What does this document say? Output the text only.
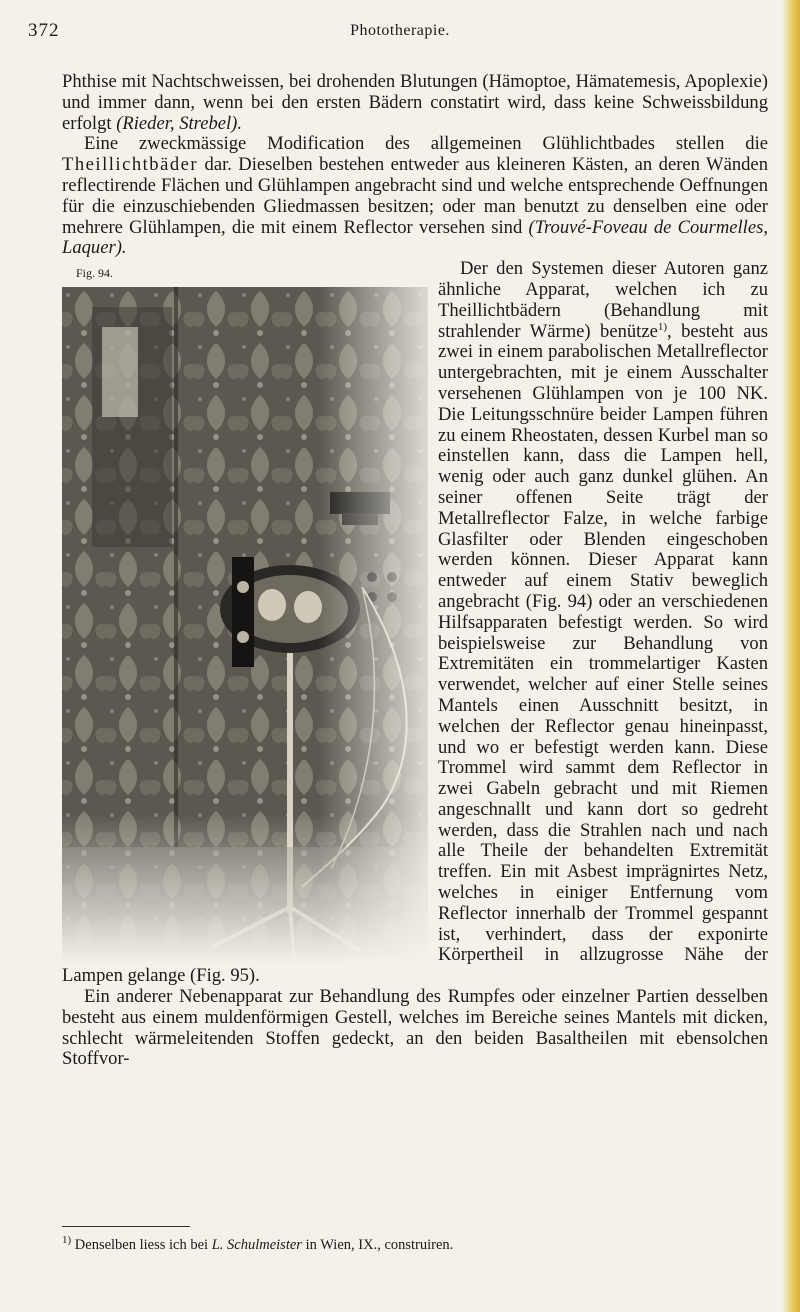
372	Phototherapie.

Phthise mit Nachtschweissen, bei drohenden Blutungen (Hämoptoe, Hämatemesis, Apoplexie) und immer dann, wenn bei den ersten Bädern constatirt wird, dass keine Schweissbildung erfolgt (Rieder, Strebel).

Eine zweckmässige Modification des allgemeinen Glühlichtbades stellen die Theillichtbäder dar. Dieselben bestehen entweder aus kleineren Kästen, an deren Wänden reflectirende Flächen und Glühlampen angebracht sind und welche entsprechende Oeffnungen für die einzuschiebenden Gliedmassen besitzen; oder man benutzt zu denselben eine oder mehrere Glühlampen, die mit einem Reflector versehen sind (Trouvé-Foveau de Courmelles, Laquer).

Fig. 94.	Der den Systemen dieser Autoren ganz ähnliche Apparat, welchen ich zu Theillichtbädern (Behandlung mit strahlender Wärme) benütze$^{1)}$, besteht aus zwei in einem parabolischen Metallreflector untergebrachten, mit je einem Ausschalter versehenen Glühlampen von je 100 NK. Die Leitungsschnüre beider Lampen führen zu einem Rheostaten, dessen Kurbel man so einstellen kann, dass die Lampen hell, wenig oder auch ganz dunkel glühen. An seiner offenen Seite trägt der Metallreflector Falze, in welche farbige Glasfilter oder Blenden eingeschoben werden können. Dieser Apparat kann entweder auf einem Stativ beweglich angebracht (Fig. 94) oder an verschiedenen Hilfsapparaten befestigt werden. So wird beispielsweise zur Behandlung von Extremitäten ein trommelartiger Kasten verwendet, welcher auf einer Stelle seines Mantels einen Ausschnitt besitzt, in welchen der Reflector genau hineinpasst, und wo er befestigt werden kann. Diese Trommel wird sammt dem Reflector in zwei Gabeln gebracht und mit Riemen angeschnallt und kann dort so gedreht werden, dass die Strahlen nach und nach alle Theile der behandelten Extremität treffen. Ein mit Asbest imprägnirtes Netz, welches in einiger Entfernung vom Reflector innerhalb der Trommel gespannt ist, verhindert, dass der exponirte Körpertheil in allzugrosse Nähe der Lampen gelange (Fig. 95).

Ein anderer Nebenapparat zur Behandlung des Rumpfes oder einzelner Partien desselben besteht aus einem muldenförmigen Gestell, welches im Bereiche seines Mantels mit dicken, schlecht wärmeleitenden Stoffen gedeckt, an den beiden Basaltheilen mit ebensolchen Stoffvor-

$^{1)}$ Denselben liess ich bei L. Schulmeister in Wien, IX., construiren.
